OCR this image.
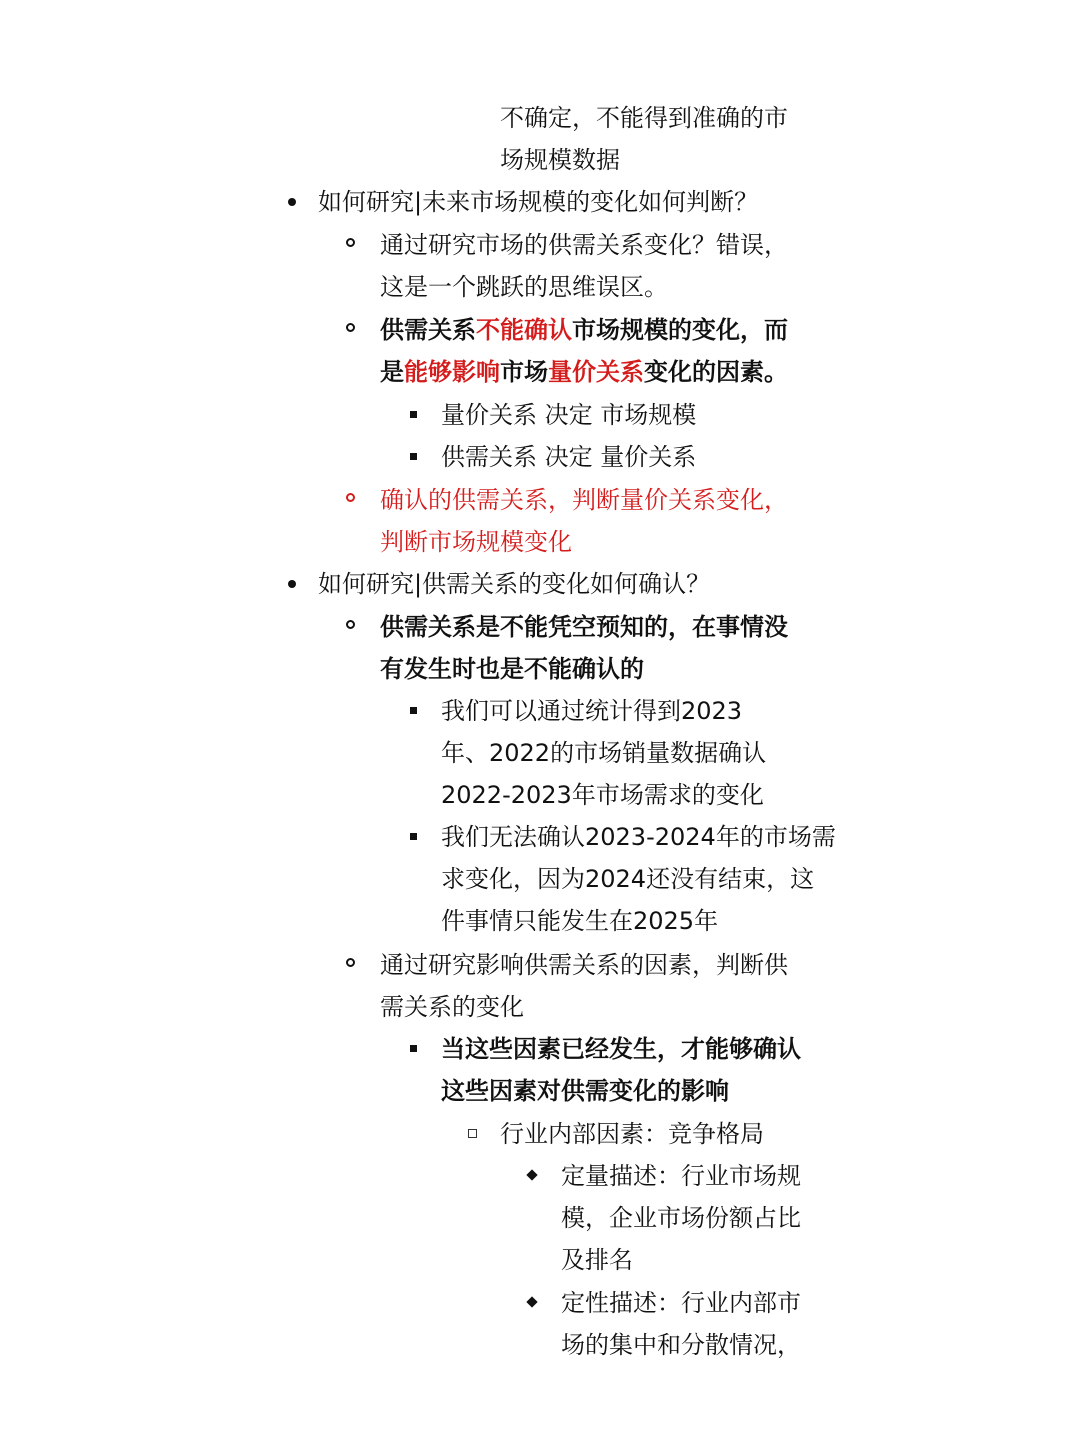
不确定，不能得到准确的市
场规模数据
如何研究|未来市场规模的变化如何判断？
通过研究市场的供需关系变化？错误，
这是一个跳跃的思维误区。
供需关系不能确认市场规模的变化，而
是能够影响市场量价关系变化的因素。
量价关系 决定 市场规模
供需关系 决定 量价关系
确认的供需关系，判断量价关系变化，
判断市场规模变化
如何研究|供需关系的变化如何确认？
供需关系是不能凭空预知的，在事情没
有发生时也是不能确认的
我们可以通过统计得到2023
年、2022的市场销量数据确认
2022-2023年市场需求的变化
我们无法确认2023-2024年的市场需
求变化，因为2024还没有结束，这
件事情只能发生在2025年
通过研究影响供需关系的因素，判断供
需关系的变化
当这些因素已经发生，才能够确认
这些因素对供需变化的影响
行业内部因素：竞争格局
定量描述：行业市场规
模，企业市场份额占比
及排名
定性描述：行业内部市
场的集中和分散情况，
